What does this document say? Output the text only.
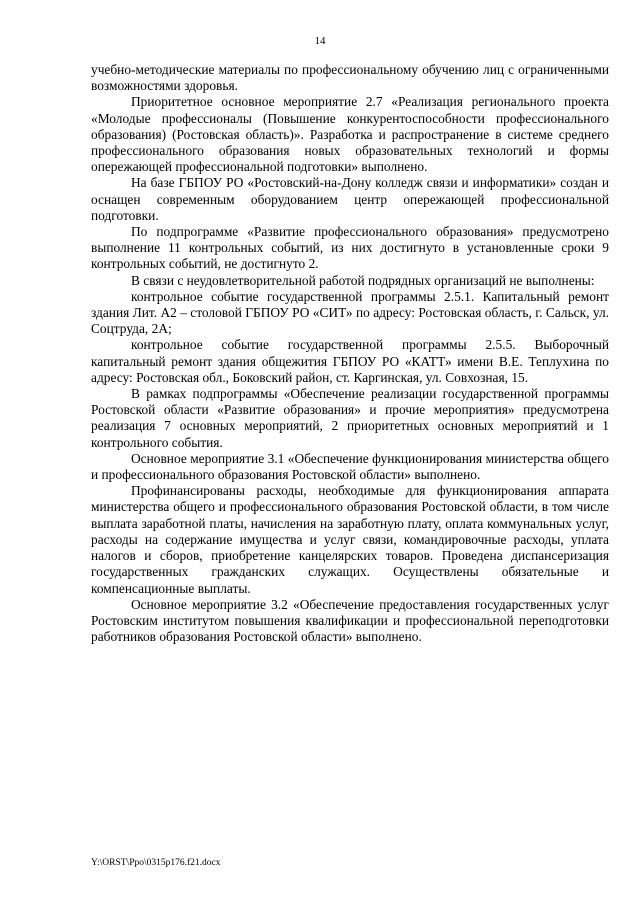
14

учебно-методические материалы по профессиональному обучению лиц с ограниченными возможностями здоровья.

Приоритетное основное мероприятие 2.7 «Реализация регионального проекта «Молодые профессионалы (Повышение конкурентоспособности профессионального образования) (Ростовская область)». Разработка и распространение в системе среднего профессионального образования новых образовательных технологий и формы опережающей профессиональной подготовки» выполнено.

На базе ГБПОУ РО «Ростовский-на-Дону колледж связи и информатики» создан и оснащен современным оборудованием центр опережающей профессиональной подготовки.

По подпрограмме «Развитие профессионального образования» предусмотрено выполнение 11 контрольных событий, из них достигнуто в установленные сроки 9 контрольных событий, не достигнуто 2.

В связи с неудовлетворительной работой подрядных организаций не выполнены:

контрольное событие государственной программы 2.5.1. Капитальный ремонт здания Лит. А2 – столовой ГБПОУ РО «СИТ» по адресу: Ростовская область, г. Сальск, ул. Соцтруда, 2А;

контрольное событие государственной программы 2.5.5. Выборочный капитальный ремонт здания общежития ГБПОУ РО «КАТТ» имени В.Е. Теплухина по адресу: Ростовская обл., Боковский район, ст. Каргинская, ул. Совхозная, 15.

В рамках подпрограммы «Обеспечение реализации государственной программы Ростовской области «Развитие образования» и прочие мероприятия» предусмотрена реализация 7 основных мероприятий, 2 приоритетных основных мероприятий и 1 контрольного события.

Основное мероприятие 3.1 «Обеспечение функционирования министерства общего и профессионального образования Ростовской области» выполнено.

Профинансированы расходы, необходимые для функционирования аппарата министерства общего и профессионального образования Ростовской области, в том числе выплата заработной платы, начисления на заработную плату, оплата коммунальных услуг, расходы на содержание имущества и услуг связи, командировочные расходы, уплата налогов и сборов, приобретение канцелярских товаров. Проведена диспансеризация государственных гражданских служащих. Осуществлены обязательные и компенсационные выплаты.

Основное мероприятие 3.2 «Обеспечение предоставления государственных услуг Ростовским институтом повышения квалификации и профессиональной переподготовки работников образования Ростовской области» выполнено.

Y:\ORST\Ppo\0315p176.f21.docx
